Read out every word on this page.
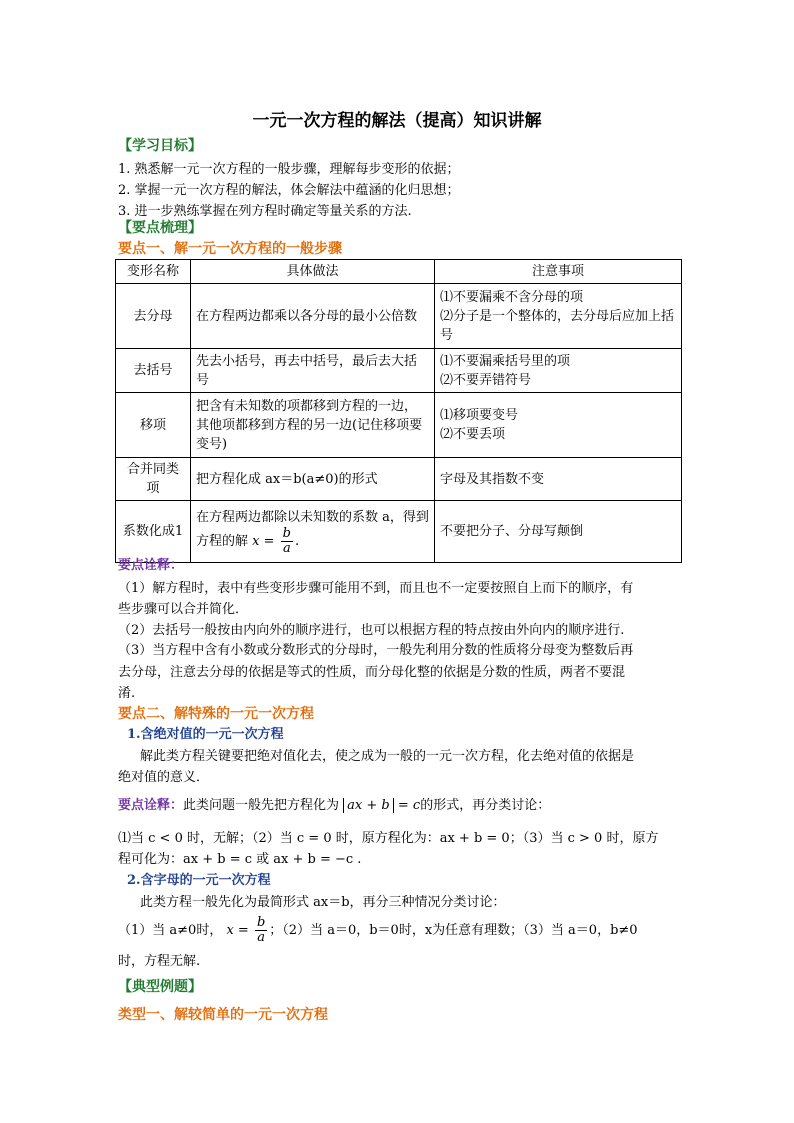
一元一次方程的解法（提高）知识讲解
【学习目标】
1. 熟悉解一元一次方程的一般步骤，理解每步变形的依据；
2. 掌握一元一次方程的解法，体会解法中蕴涵的化归思想；
3. 进一步熟练掌握在列方程时确定等量关系的方法.
【要点梳理】
要点一、解一元一次方程的一般步骤
变形名称	具体做法	注意事项
去分母	在方程两边都乘以各分母的最小公倍数	⑴不要漏乘不含分母的项
⑵分子是一个整体的，去分母后应加上括号

去括号	先去小括号，再去中括号，最后去大括号	⑴不要漏乘括号里的项
⑵不要弄错符号

移项	把含有未知数的项都移到方程的一边，其他项都移到方程的另一边(记住移项要变号)	⑴移项要变号
⑵不要丢项

合并同类项	把方程化成 ax＝b(a≠0)的形式	字母及其指数不变
系数化成1	在方程两边都除以未知数的系数 a，得到方程的解 $x = \frac{b}{a}$ .	不要把分子、分母写颠倒
要点诠释：
（1）解方程时，表中有些变形步骤可能用不到，而且也不一定要按照自上而下的顺序，有
些步骤可以合并简化．
（2）去括号一般按由内向外的顺序进行，也可以根据方程的特点按由外向内的顺序进行.
（3）当方程中含有小数或分数形式的分母时，一般先利用分数的性质将分母变为整数后再
去分母，注意去分母的依据是等式的性质，而分母化整的依据是分数的性质，两者不要混
淆.
要点二、解特殊的一元一次方程
1.含绝对值的一元一次方程
解此类方程关键要把绝对值化去，使之成为一般的一元一次方程，化去绝对值的依据是
绝对值的意义．
要点诠释：此类问题一般先把方程化为 ax + b = c的形式，再分类讨论：
⑴当 c < 0 时，无解；（2）当 c = 0 时，原方程化为：ax + b = 0；（3）当 c > 0 时，原方
程可化为：ax + b = c 或 ax + b = −c .
2.含字母的一元一次方程
此类方程一般先化为最简形式 ax＝b，再分三种情况分类讨论：
（1）当 a≠0时， $x = \frac{b}{a}$ ；（2）当 a＝0，b＝0时，x为任意有理数；（3）当 a＝0，b≠0
时，方程无解.
【典型例题】
类型一、解较简单的一元一次方程
